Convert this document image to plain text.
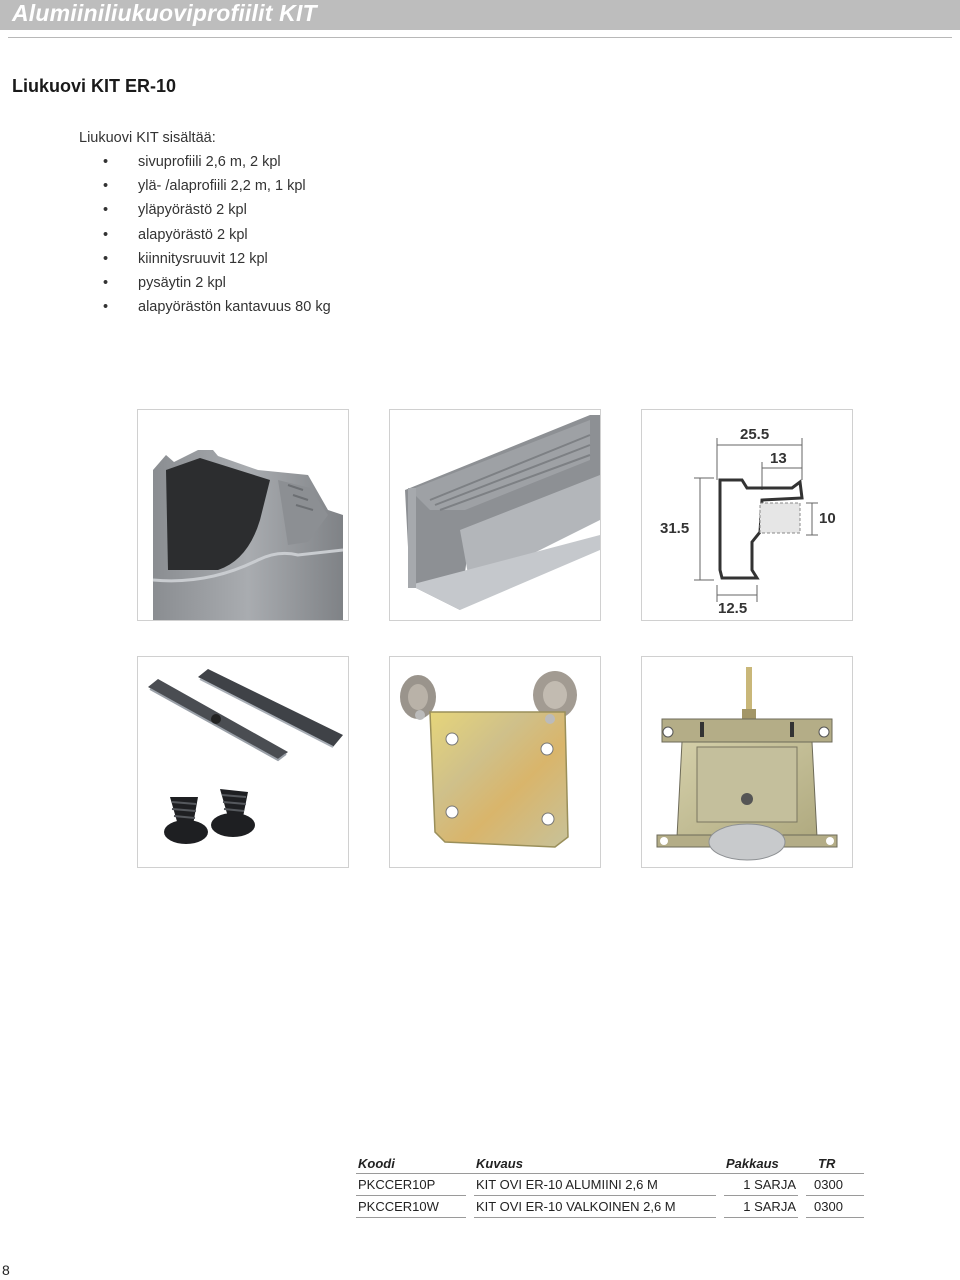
Alumiiniliukuoviprofiilit KIT
Liukuovi KIT ER-10
Liukuovi KIT sisältää:
• sivuprofiili 2,6 m, 2 kpl
• ylä- /alaprofiili 2,2 m, 1 kpl
• yläpyörästö 2 kpl
• alapyörästö 2 kpl
• kiinnitysruuvit 12 kpl
• pysäytin 2 kpl
• alapyörästön kantavuus 80 kg
25.5
13
31.5
10
12.5
Koodi		Kuvaus		Pakkaus		TR
PKCCER10P		KIT OVI ER-10 ALUMIINI 2,6 M		1 SARJA		0300
PKCCER10W		KIT OVI ER-10 VALKOINEN 2,6 M		1 SARJA		0300
8
